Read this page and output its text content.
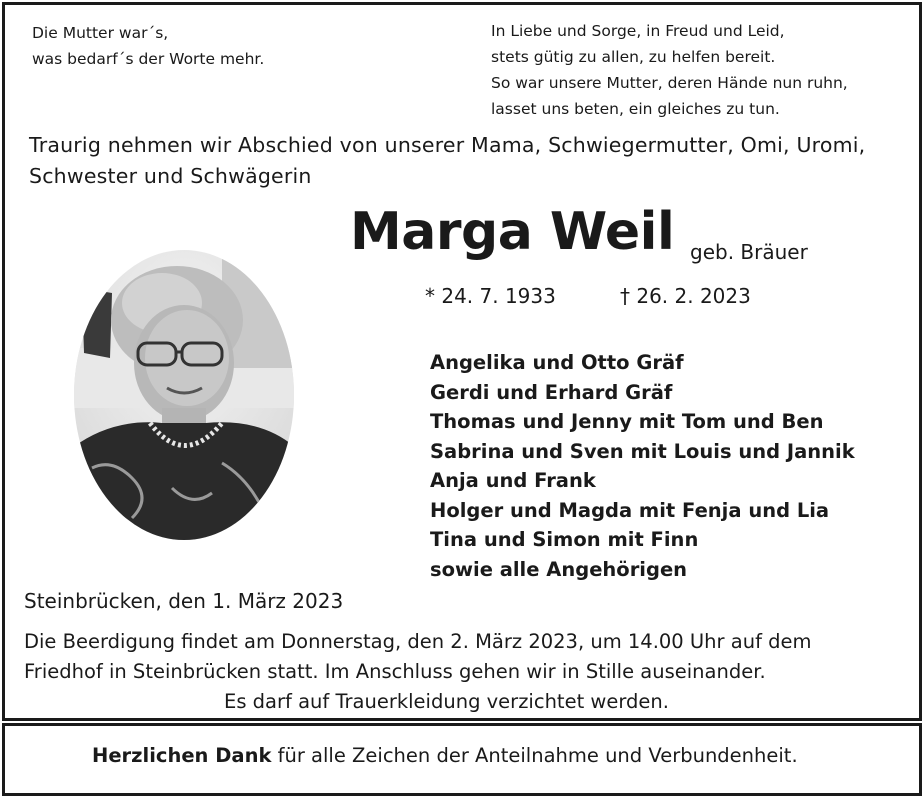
Die Mutter war´s,
was bedarf´s der Worte mehr.
In Liebe und Sorge, in Freud und Leid,
stets gütig zu allen, zu helfen bereit.
So war unsere Mutter, deren Hände nun ruhn,
lasset uns beten, ein gleiches zu tun.
Traurig nehmen wir Abschied von unserer Mama, Schwiegermutter, Omi, Uromi,
Schwester und Schwägerin
Marga Weil geb. Bräuer
* 24. 7. 1933	† 26. 2. 2023
Angelika und Otto Gräf
Gerdi und Erhard Gräf
Thomas und Jenny mit Tom und Ben
Sabrina und Sven mit Louis und Jannik
Anja und Frank
Holger und Magda mit Fenja und Lia
Tina und Simon mit Finn
sowie alle Angehörigen
Steinbrücken, den 1. März 2023
Die Beerdigung findet am Donnerstag, den 2. März 2023, um 14.00 Uhr auf dem
Friedhof in Steinbrücken statt. Im Anschluss gehen wir in Stille auseinander.
Es darf auf Trauerkleidung verzichtet werden.
Herzlichen Dank für alle Zeichen der Anteilnahme und Verbundenheit.
